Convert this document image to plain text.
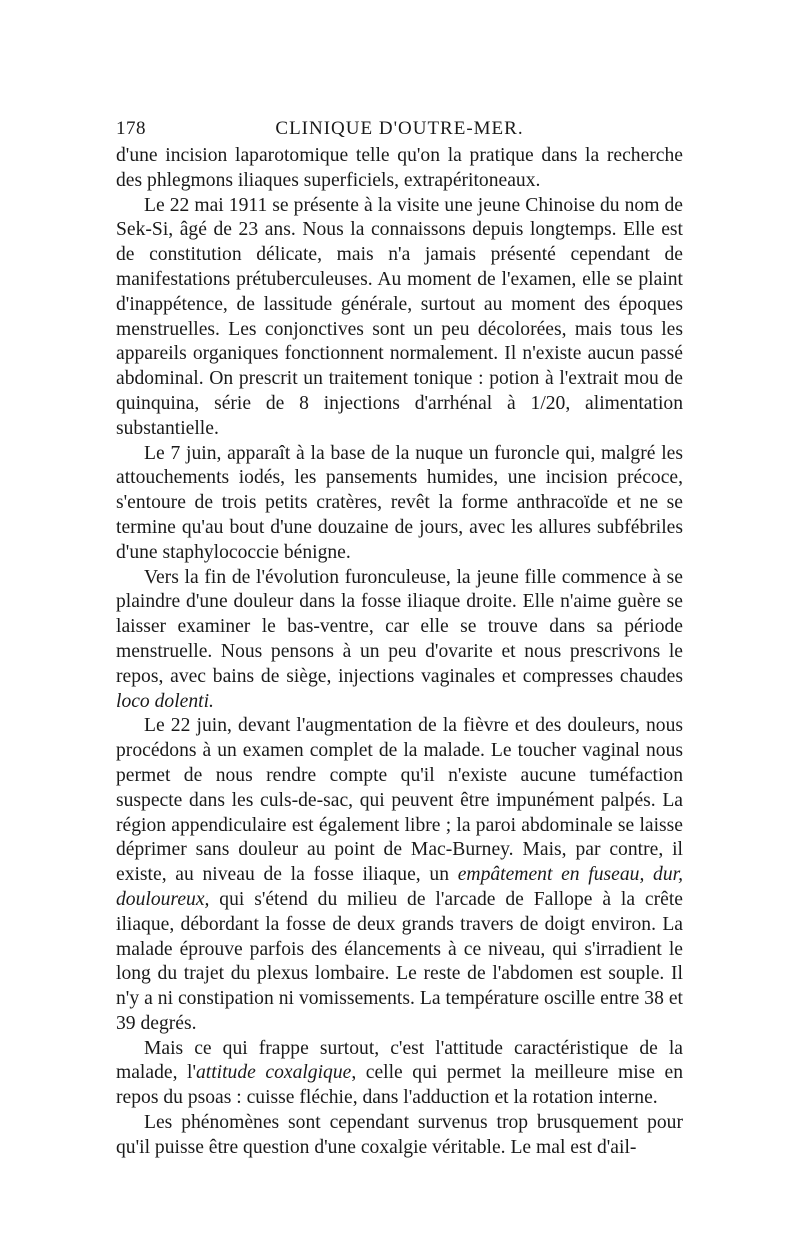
178	CLINIQUE D'OUTRE-MER.

d'une incision laparotomique telle qu'on la pratique dans la recherche des phlegmons iliaques superficiels, extrapéritoneaux.

Le 22 mai 1911 se présente à la visite une jeune Chinoise du nom de Sek-Si, âgé de 23 ans. Nous la connaissons depuis longtemps. Elle est de constitution délicate, mais n'a jamais présenté cependant de manifestations prétuberculeuses. Au moment de l'examen, elle se plaint d'inappétence, de lassitude générale, surtout au moment des époques menstruelles. Les conjonctives sont un peu décolorées, mais tous les appareils organiques fonctionnent normalement. Il n'existe aucun passé abdominal. On prescrit un traitement tonique : potion à l'extrait mou de quinquina, série de 8 injections d'arrhénal à 1/20, alimentation substantielle.

Le 7 juin, apparaît à la base de la nuque un furoncle qui, malgré les attouchements iodés, les pansements humides, une incision précoce, s'entoure de trois petits cratères, revêt la forme anthracoïde et ne se termine qu'au bout d'une douzaine de jours, avec les allures subfébriles d'une staphylococcie bénigne.

Vers la fin de l'évolution furonculeuse, la jeune fille commence à se plaindre d'une douleur dans la fosse iliaque droite. Elle n'aime guère se laisser examiner le bas-ventre, car elle se trouve dans sa période menstruelle. Nous pensons à un peu d'ovarite et nous prescrivons le repos, avec bains de siège, injections vaginales et compresses chaudes loco dolenti.

Le 22 juin, devant l'augmentation de la fièvre et des douleurs, nous procédons à un examen complet de la malade. Le toucher vaginal nous permet de nous rendre compte qu'il n'existe aucune tuméfaction suspecte dans les culs-de-sac, qui peuvent être impunément palpés. La région appendiculaire est également libre ; la paroi abdominale se laisse déprimer sans douleur au point de Mac-Burney. Mais, par contre, il existe, au niveau de la fosse iliaque, un empâtement en fuseau, dur, douloureux, qui s'étend du milieu de l'arcade de Fallope à la crête iliaque, débordant la fosse de deux grands travers de doigt environ. La malade éprouve parfois des élancements à ce niveau, qui s'irradient le long du trajet du plexus lombaire. Le reste de l'abdomen est souple. Il n'y a ni constipation ni vomissements. La température oscille entre 38 et 39 degrés.

Mais ce qui frappe surtout, c'est l'attitude caractéristique de la malade, l'attitude coxalgique, celle qui permet la meilleure mise en repos du psoas : cuisse fléchie, dans l'adduction et la rotation interne.

Les phénomènes sont cependant survenus trop brusquement pour qu'il puisse être question d'une coxalgie véritable. Le mal est d'ail-
